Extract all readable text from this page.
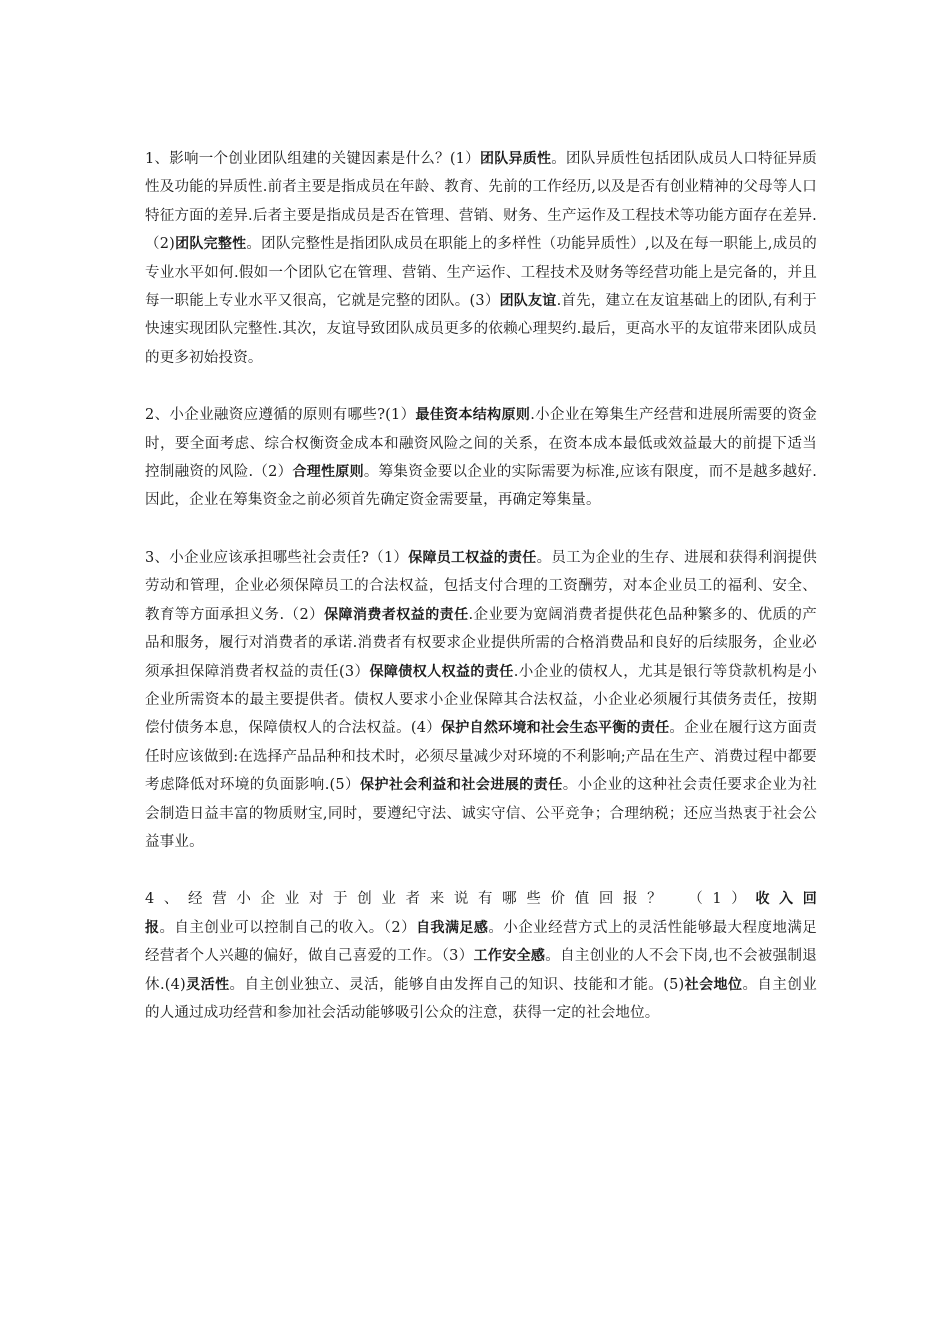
1、影响一个创业团队组建的关键因素是什么？(1）团队异质性。团队异质性包括团队成员人口特征异质性及功能的异质性.前者主要是指成员在年龄、教育、先前的工作经历,以及是否有创业精神的父母等人口特征方面的差异.后者主要是指成员是否在管理、营销、财务、生产运作及工程技术等功能方面存在差异.（2)团队完整性。团队完整性是指团队成员在职能上的多样性（功能异质性）,以及在每一职能上,成员的专业水平如何.假如一个团队它在管理、营销、生产运作、工程技术及财务等经营功能上是完备的，并且每一职能上专业水平又很高，它就是完整的团队。(3）团队友谊.首先，建立在友谊基础上的团队,有利于快速实现团队完整性.其次，友谊导致团队成员更多的依赖心理契约.最后，更高水平的友谊带来团队成员的更多初始投资。

2、小企业融资应遵循的原则有哪些?(1）最佳资本结构原则.小企业在筹集生产经营和进展所需要的资金时，要全面考虑、综合权衡资金成本和融资风险之间的关系，在资本成本最低或效益最大的前提下适当控制融资的风险.（2）合理性原则。筹集资金要以企业的实际需要为标准,应该有限度，而不是越多越好.因此，企业在筹集资金之前必须首先确定资金需要量，再确定筹集量。

3、小企业应该承担哪些社会责任?（1）保障员工权益的责任。员工为企业的生存、进展和获得利润提供劳动和管理，企业必须保障员工的合法权益，包括支付合理的工资酬劳，对本企业员工的福利、安全、教育等方面承担义务.（2）保障消费者权益的责任.企业要为宽阔消费者提供花色品种繁多的、优质的产品和服务，履行对消费者的承诺.消费者有权要求企业提供所需的合格消费品和良好的后续服务，企业必须承担保障消费者权益的责任(3）保障债权人权益的责任.小企业的债权人，尤其是银行等贷款机构是小企业所需资本的最主要提供者。债权人要求小企业保障其合法权益，小企业必须履行其债务责任，按期偿付债务本息，保障债权人的合法权益。(4）保护自然环境和社会生态平衡的责任。企业在履行这方面责任时应该做到:在选择产品品种和技术时，必须尽量减少对环境的不利影响;产品在生产、消费过程中都要考虑降低对环境的负面影响.(5）保护社会利益和社会进展的责任。小企业的这种社会责任要求企业为社会制造日益丰富的物质财宝,同时，要遵纪守法、诚实守信、公平竞争；合理纳税；还应当热衷于社会公益事业。

4、经营小企业对于创业者来说有哪些价值回报？　（1）收入回报。自主创业可以控制自己的收入。（2）自我满足感。小企业经营方式上的灵活性能够最大程度地满足经营者个人兴趣的偏好，做自己喜爱的工作。（3）工作安全感。自主创业的人不会下岗,也不会被强制退休.(4)灵活性。自主创业独立、灵活，能够自由发挥自己的知识、技能和才能。(5)社会地位。自主创业的人通过成功经营和参加社会活动能够吸引公众的注意，获得一定的社会地位。
